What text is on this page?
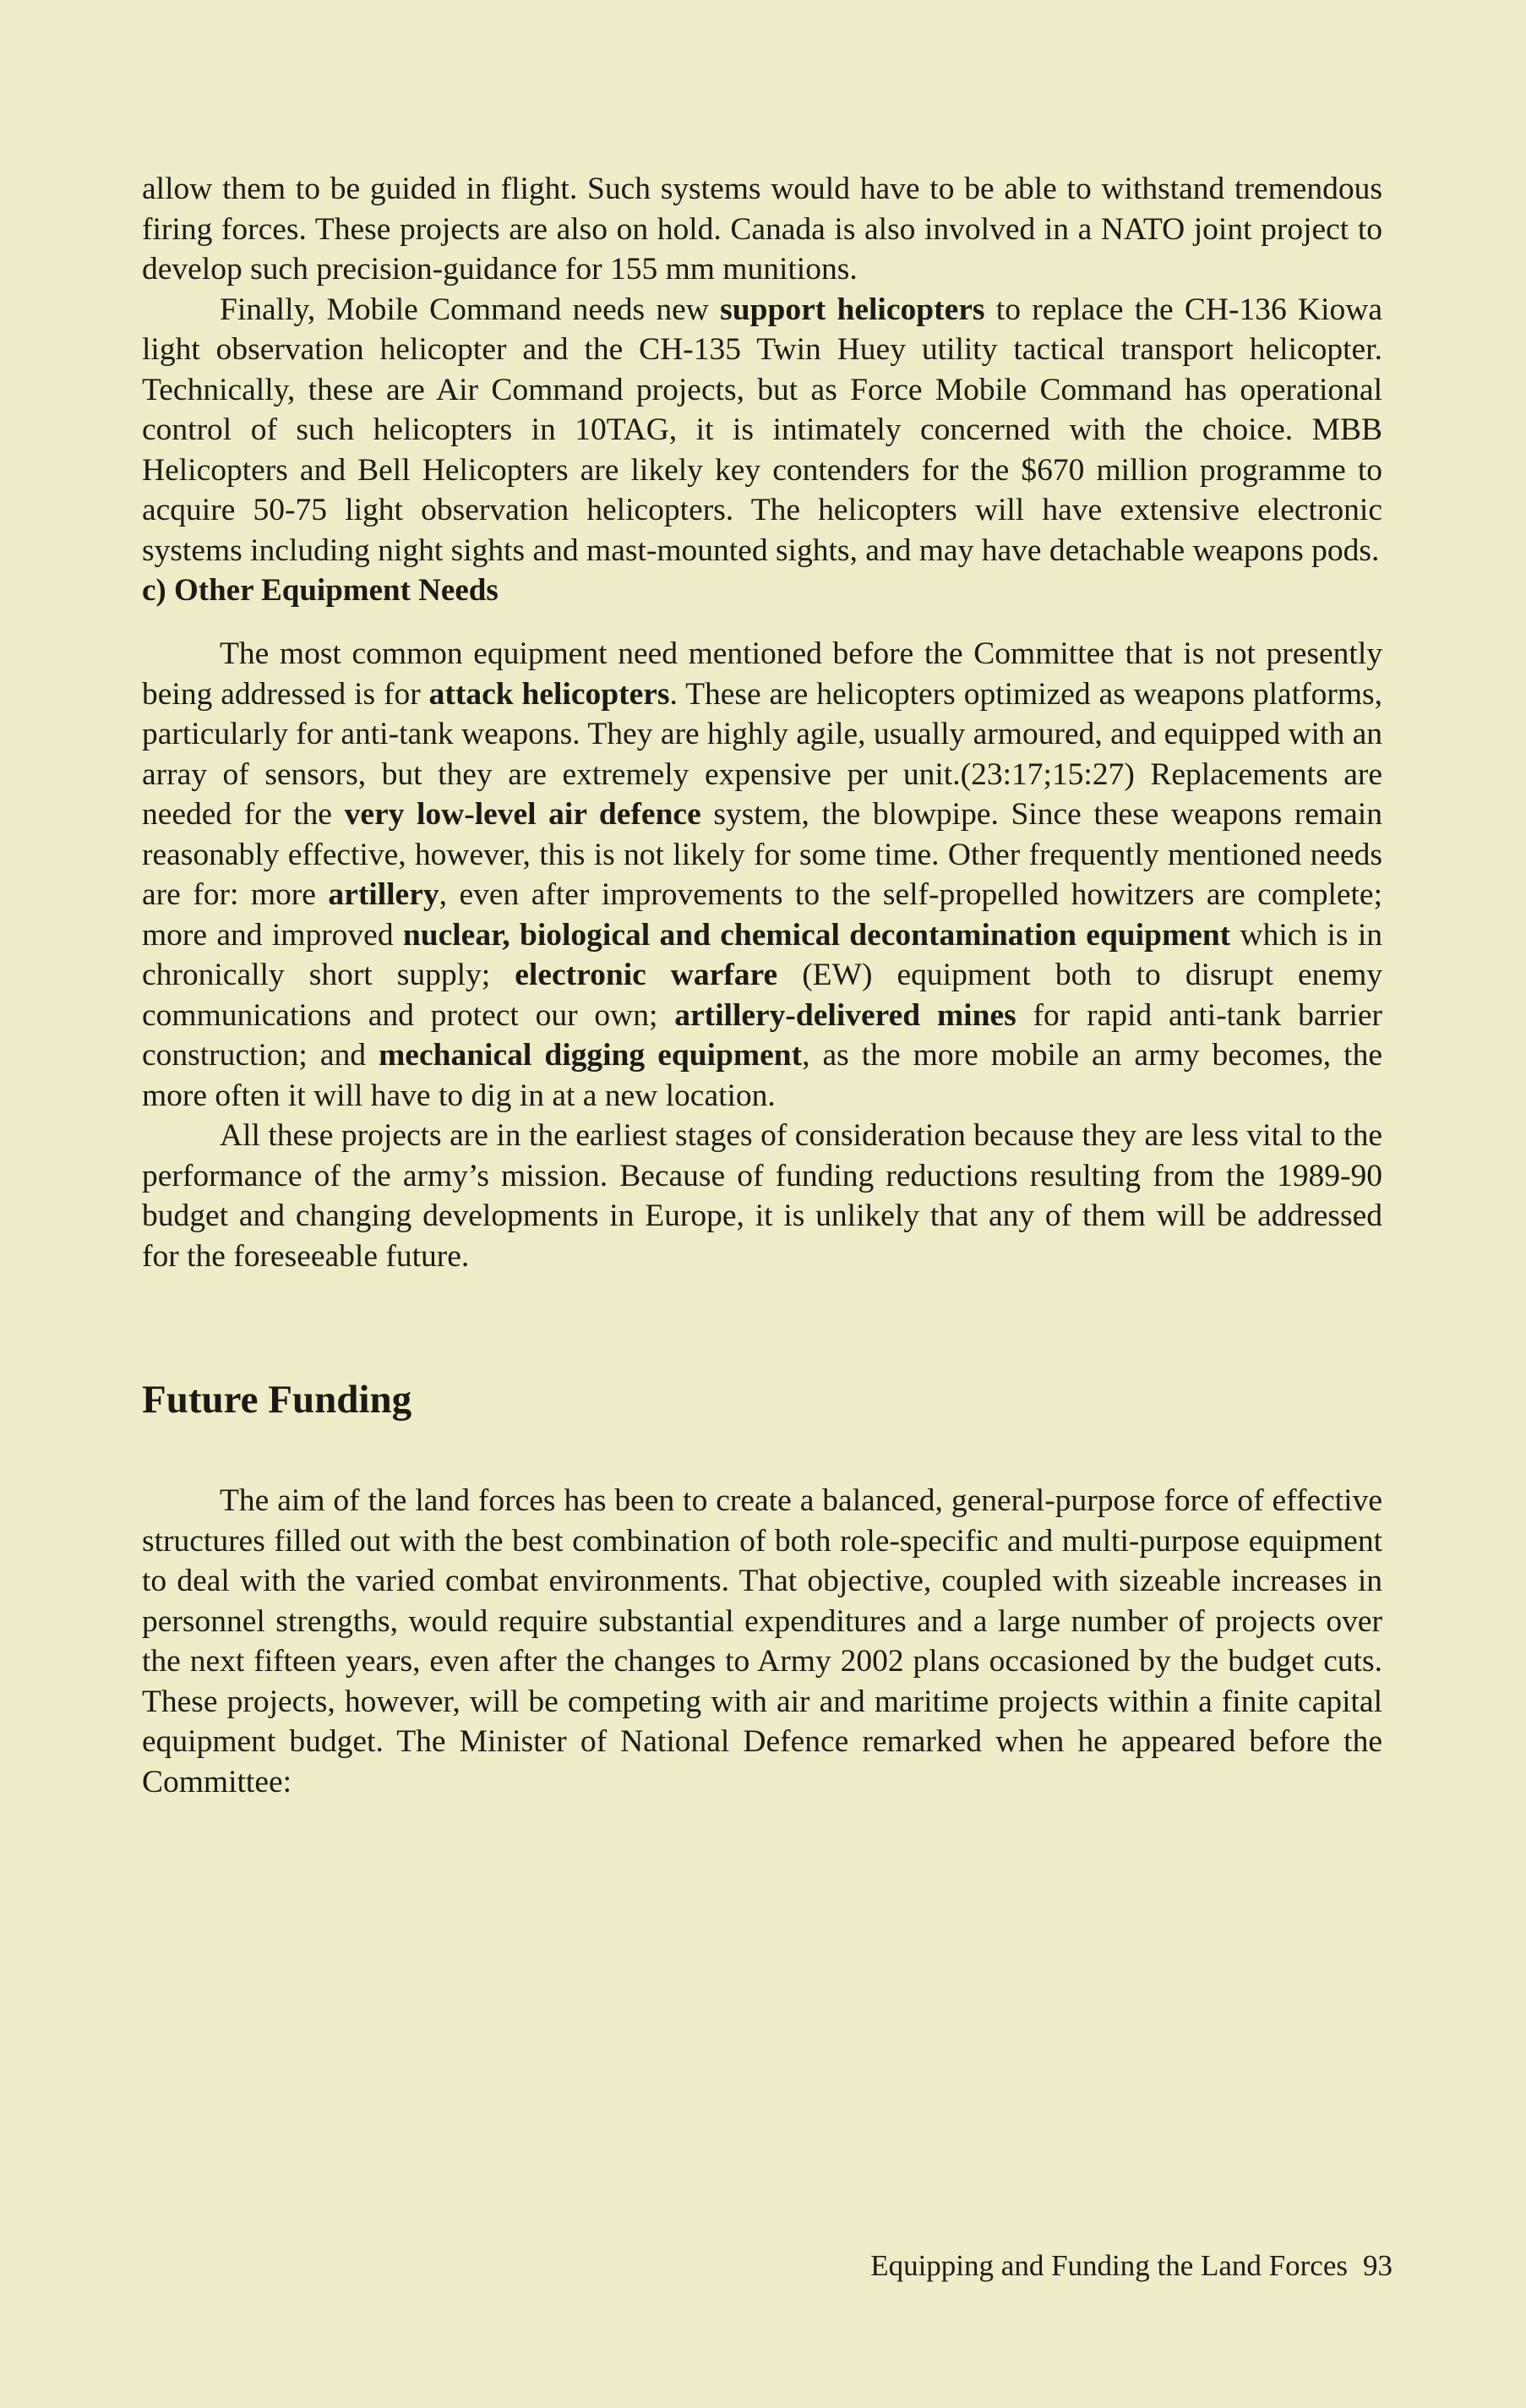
allow them to be guided in flight. Such systems would have to be able to withstand tremendous firing forces. These projects are also on hold. Canada is also involved in a NATO joint project to develop such precision-guidance for 155 mm munitions.

Finally, Mobile Command needs new support helicopters to replace the CH-136 Kiowa light observation helicopter and the CH-135 Twin Huey utility tactical transport helicopter. Technically, these are Air Command projects, but as Force Mobile Command has operational control of such helicopters in 10TAG, it is intimately concerned with the choice. MBB Helicopters and Bell Helicopters are likely key contenders for the $670 million programme to acquire 50-75 light observation helicopters. The helicopters will have extensive electronic systems including night sights and mast-mounted sights, and may have detachable weapons pods.

c) Other Equipment Needs

The most common equipment need mentioned before the Committee that is not presently being addressed is for attack helicopters. These are helicopters optimized as weapons platforms, particularly for anti-tank weapons. They are highly agile, usually armoured, and equipped with an array of sensors, but they are extremely expensive per unit.(23:17;15:27) Replacements are needed for the very low-level air defence system, the blowpipe. Since these weapons remain reasonably effective, however, this is not likely for some time. Other frequently mentioned needs are for: more artillery, even after improvements to the self-propelled howitzers are complete; more and improved nuclear, biological and chemical decontamination equipment which is in chronically short supply; electronic warfare (EW) equipment both to disrupt enemy communications and protect our own; artillery-delivered mines for rapid anti-tank barrier construction; and mechanical digging equipment, as the more mobile an army becomes, the more often it will have to dig in at a new location.

All these projects are in the earliest stages of consideration because they are less vital to the performance of the army’s mission. Because of funding reductions resulting from the 1989-90 budget and changing developments in Europe, it is unlikely that any of them will be addressed for the foreseeable future.

Future Funding

The aim of the land forces has been to create a balanced, general-purpose force of effective structures filled out with the best combination of both role-specific and multi-purpose equipment to deal with the varied combat environments. That objective, coupled with sizeable increases in personnel strengths, would require substantial expenditures and a large number of projects over the next fifteen years, even after the changes to Army 2002 plans occasioned by the budget cuts. These projects, however, will be competing with air and maritime projects within a finite capital equipment budget. The Minister of National Defence remarked when he appeared before the Committee:

Equipping and Funding the Land Forces 93
